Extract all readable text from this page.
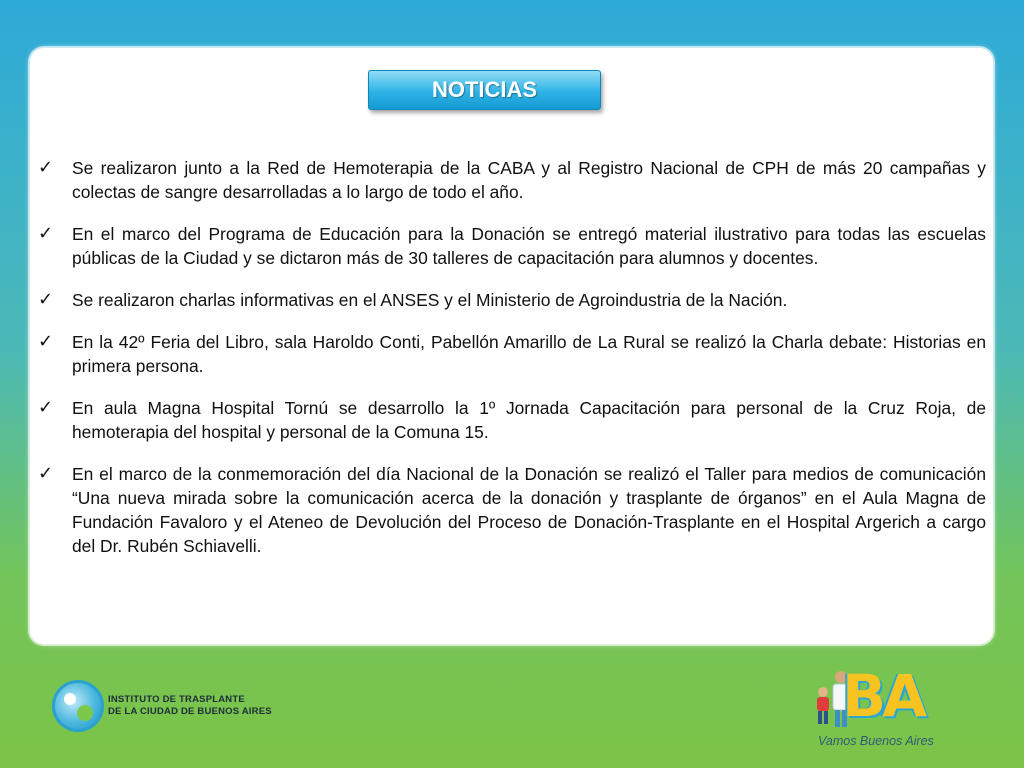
NOTICIAS
✓ Se realizaron junto a la Red de Hemoterapia de la CABA y al Registro Nacional de CPH de más 20 campañas y colectas de sangre desarrolladas a lo largo de todo el año.
✓ En el marco del Programa de Educación para la Donación se entregó material ilustrativo para todas las escuelas públicas de la Ciudad y se dictaron más de 30 talleres de capacitación para alumnos y docentes.
✓ Se realizaron charlas informativas en el ANSES y el Ministerio de Agroindustria de la Nación.
✓ En la 42º Feria del Libro, sala Haroldo Conti, Pabellón Amarillo de La Rural se realizó la Charla debate: Historias en primera persona.
✓ En aula Magna Hospital Tornú se desarrollo la 1º Jornada Capacitación para personal de la Cruz Roja, de hemoterapia del hospital y personal de la Comuna 15.
✓ En el marco de la conmemoración del día Nacional de la Donación se realizó el Taller para medios de comunicación “Una nueva mirada sobre la comunicación acerca de la donación y trasplante de órganos” en el Aula Magna de Fundación Favaloro y el Ateneo de Devolución del Proceso de Donación-Trasplante en el Hospital Argerich a cargo del Dr. Rubén Schiavelli.
INSTITUTO DE TRASPLANTE
DE LA CIUDAD DE BUENOS AIRES	BA
Vamos Buenos Aires
